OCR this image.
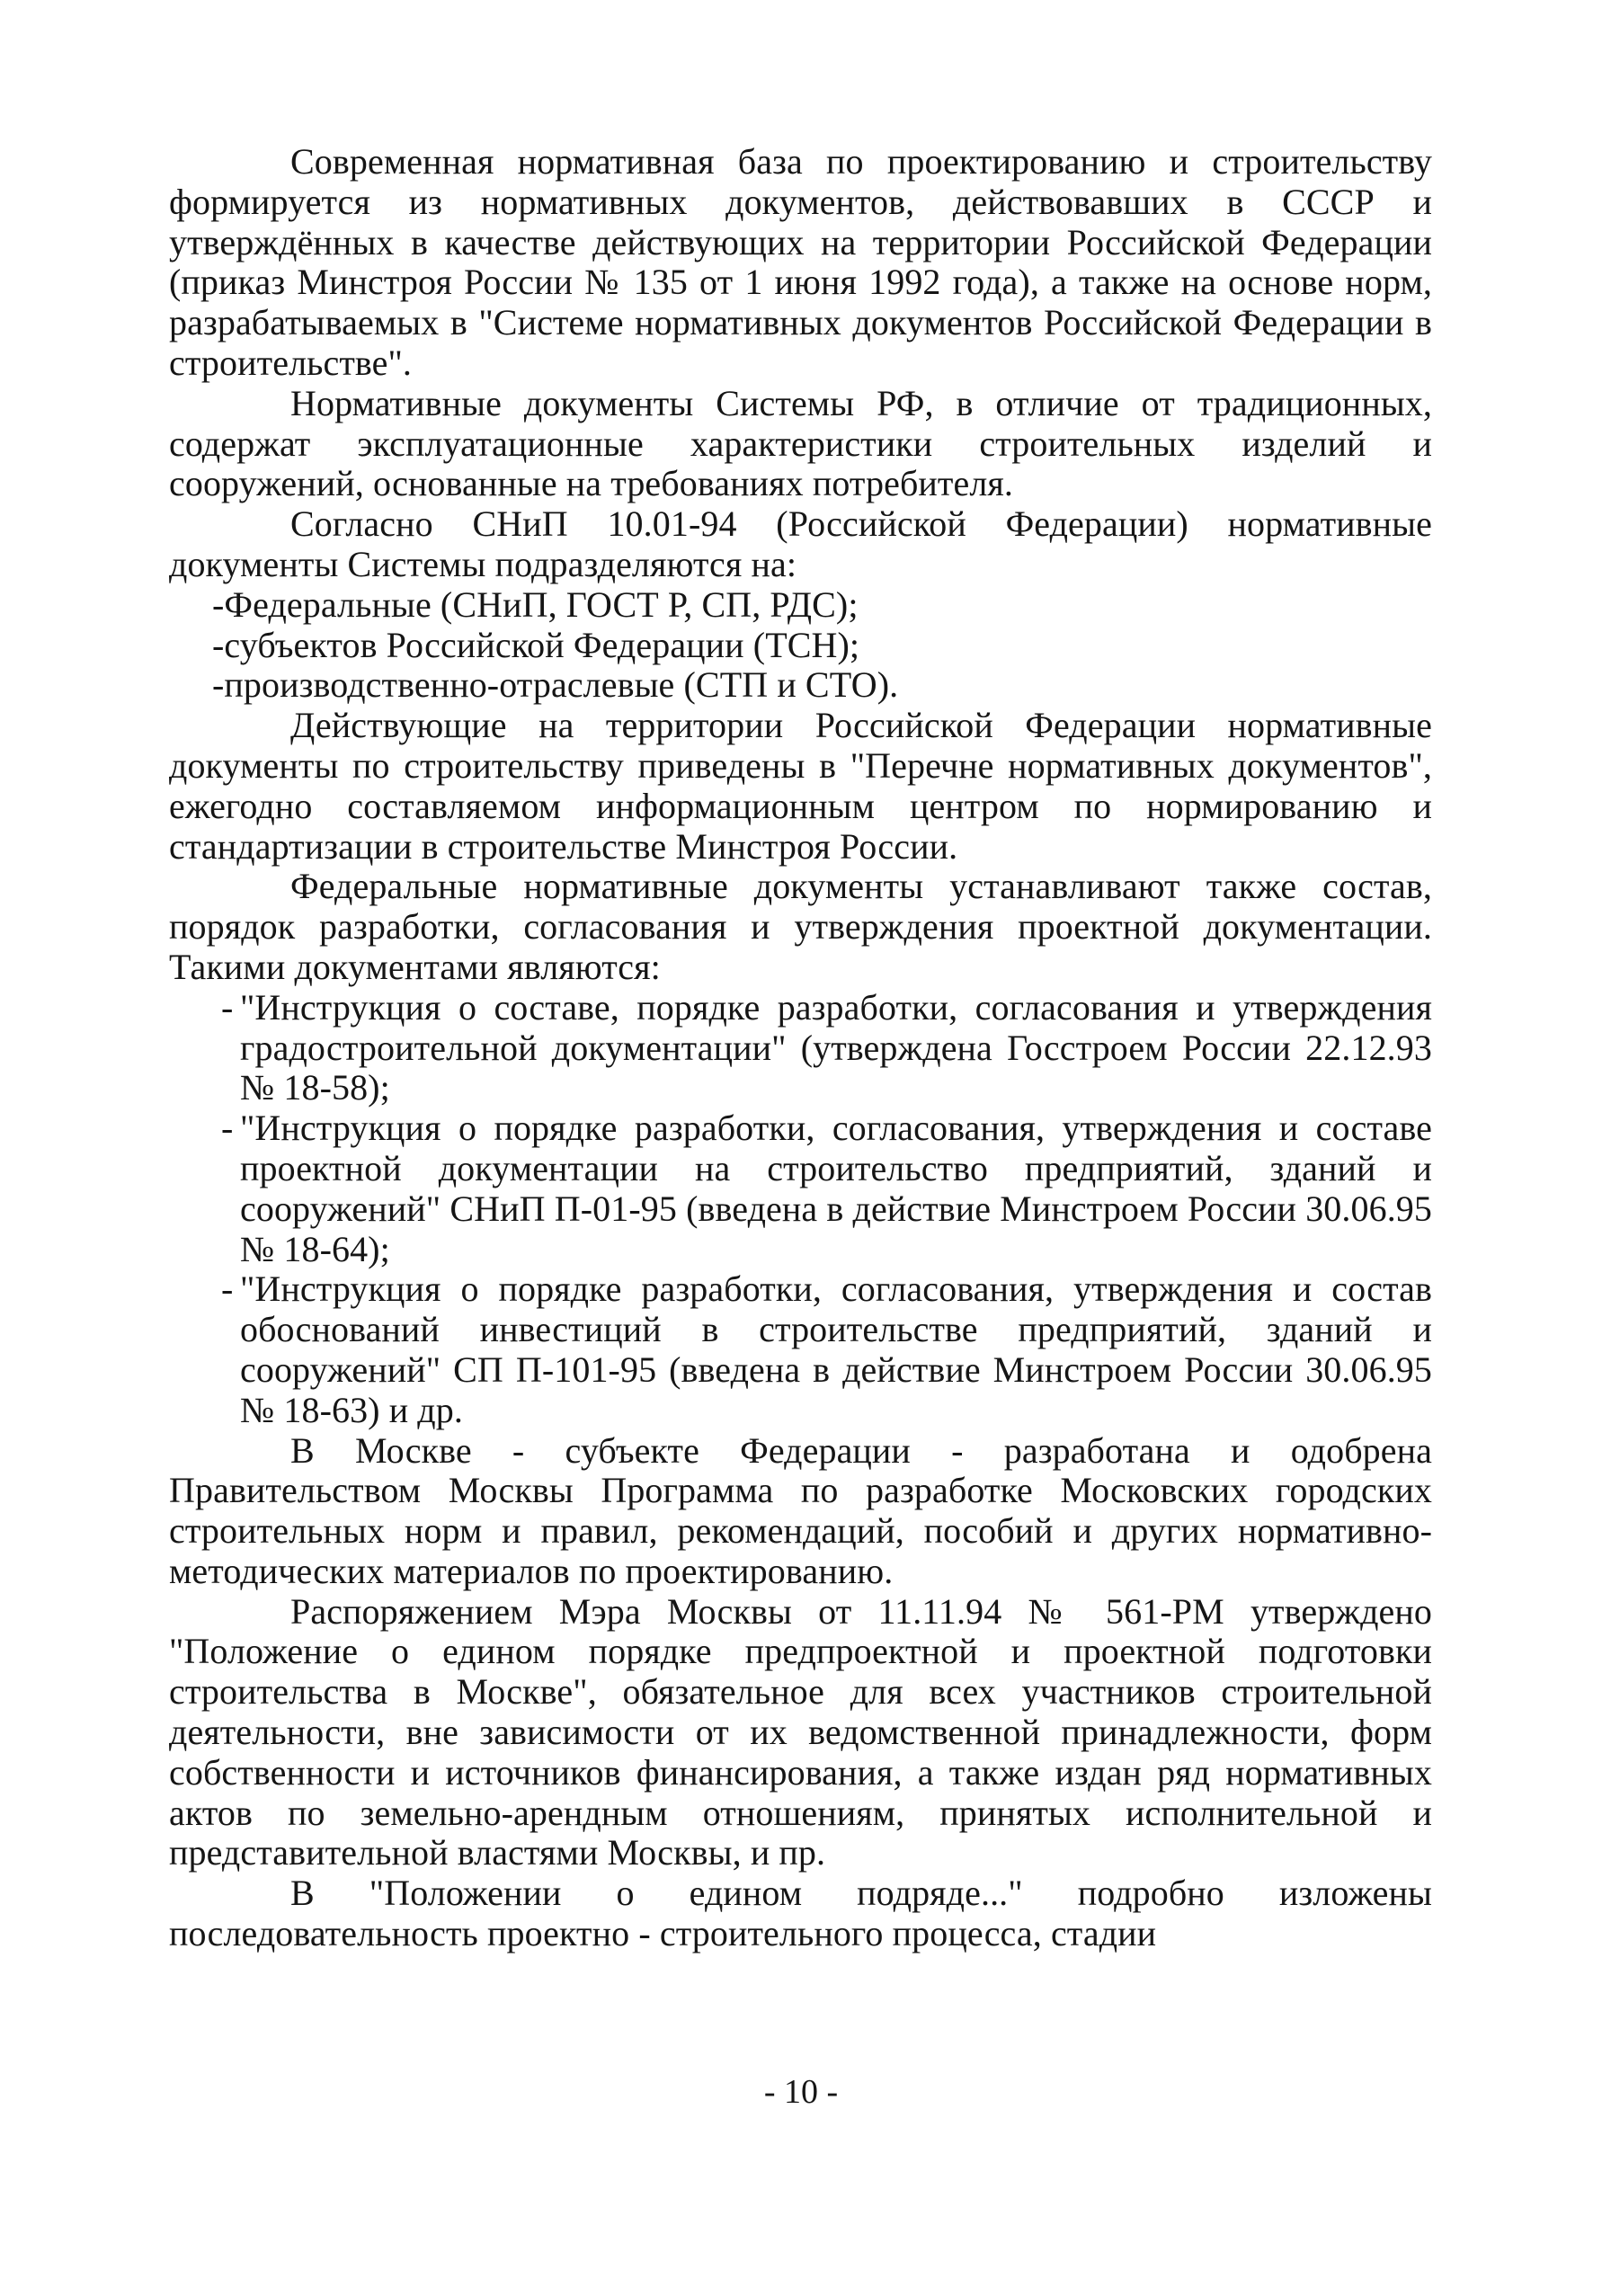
Современная нормативная база по проектированию и строительству формируется из нормативных документов, действовавших в СССР и утверждённых в качестве действующих на территории Российской Федерации (приказ Минстроя России № 135 от 1 июня 1992 года), а также на основе норм, разрабатываемых в "Системе нормативных документов Российской Федерации в строительстве".

Нормативные документы Системы РФ, в отличие от традиционных, содержат эксплуатационные характеристики строительных изделий и сооружений, основанные на требованиях потребителя.

Согласно СНиП 10.01-94 (Российской Федерации) нормативные документы Системы подразделяются на:

-Федеральные (СНиП, ГОСТ Р, СП, РДС);

-субъектов Российской Федерации (ТСН);

-производственно-отраслевые (СТП и СТО).

Действующие на территории Российской Федерации нормативные документы по строительству приведены в "Перечне нормативных документов", ежегодно составляемом информационным центром по нормированию и стандартизации в строительстве Минстроя России.

Федеральные нормативные документы устанавливают также состав, порядок разработки, согласования и утверждения проектной документации. Такими документами являются:

- "Инструкция о составе, порядке разработки, согласования и утверждения градостроительной документации" (утверждена Госстроем России 22.12.93 № 18-58);
- "Инструкция о порядке разработки, согласования, утверждения и составе проектной документации на строительство предприятий, зданий и сооружений" СНиП П-01-95 (введена в действие Минстроем России 30.06.95 № 18-64);
- "Инструкция о порядке разработки, согласования, утверждения и состав обоснований инвестиций в строительстве предприятий, зданий и сооружений" СП П-101-95 (введена в действие Минстроем России 30.06.95 № 18-63) и др.

В Москве - субъекте Федерации - разработана и одобрена Правительством Москвы Программа по разработке Московских городских строительных норм и правил, рекомендаций, пособий и других нормативно-методических материалов по проектированию.

Распоряжением Мэра Москвы от 11.11.94 № 561-РМ утверждено "Положение о едином порядке предпроектной и проектной подготовки строительства в Москве", обязательное для всех участников строительной деятельности, вне зависимости от их ведомственной принадлежности, форм собственности и источников финансирования, а также издан ряд нормативных актов по земельно-арендным отношениям, принятых исполнительной и представительной властями Москвы, и пр.

В "Положении о едином подряде..." подробно изложены последовательность проектно - строительного процесса, стадии

- 10 -
